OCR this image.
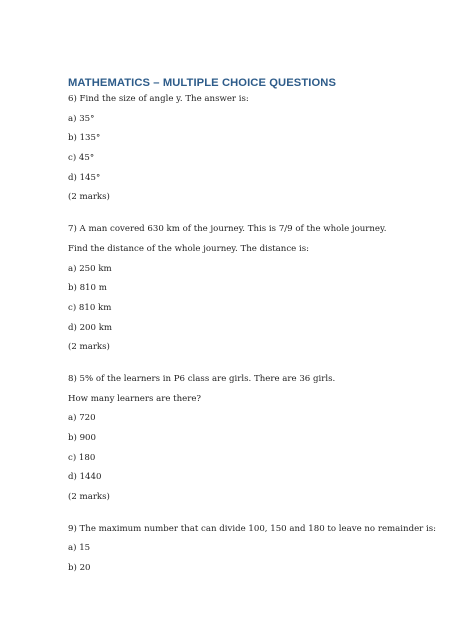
MATHEMATICS – MULTIPLE CHOICE QUESTIONS
6) Find the size of angle y. The answer is:
a) 35°
b) 135°
c) 45°
d) 145°
(2 marks)
7) A man covered 630 km of the journey. This is 7/9 of the whole journey.
Find the distance of the whole journey. The distance is:
a) 250 km
b) 810 m
c) 810 km
d) 200 km
(2 marks)
8) 5% of the learners in P6 class are girls. There are 36 girls.
How many learners are there?
a) 720
b) 900
c) 180
d) 1440
(2 marks)
9) The maximum number that can divide 100, 150 and 180 to leave no remainder is:
a) 15
b) 20
